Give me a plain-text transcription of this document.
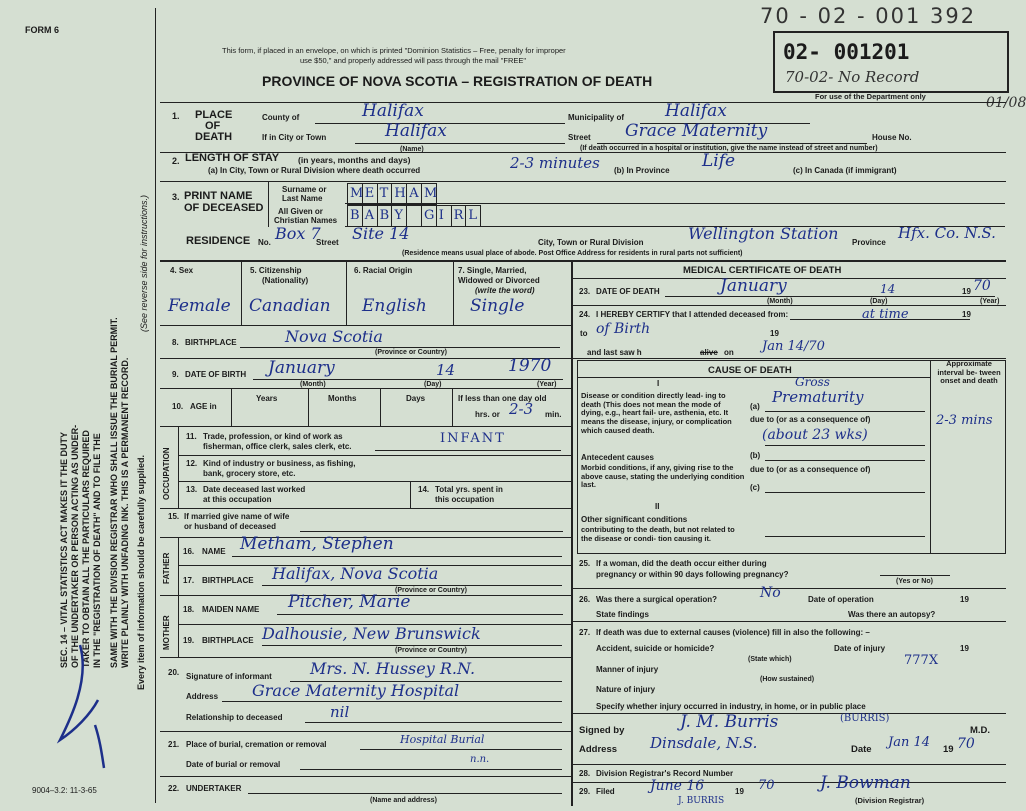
FORM 6
70 - 02 - 001 392
This form, if placed in an envelope, on which is printed "Dominion Statistics – Free, penalty for improper
use $50," and properly addressed will pass through the mail "FREE"
PROVINCE OF NOVA SCOTIA – REGISTRATION OF DEATH
02- 001201
70-02- No Record
For use of the Department only	01/08
SEC. 14 – VITAL STATISTICS ACT MAKES IT THE DUTY OF THE UNDERTAKER OR PERSON ACTING AS UNDER- TAKER TO OBTAIN ALL THE PARTICULARS REQUIRED IN THE "REGISTRATION OF DEATH" AND TO FILE THE SAME WITH THE DIVISION REGISTRAR WHO SHALL ISSUE THE BURIAL PERMIT. WRITE PLAINLY WITH UNFADING INK. THIS IS A PERMANENT RECORD. Every item of information should be carefully supplied.
(See reverse side for instructions.)
9004–3.2: 11-3-65
1. PLACE
OF
DEATH
County of	Halifax	Municipality of Halifax
If in City or Town	Halifax
(Name)
Street Grace Maternity	House No.
(If death occurred in a hospital or institution, give the name instead of street and number)
2. LENGTH OF STAY (in years, months and days)
(a) In City, Town or Rural Division where death occurred	2-3 minutes (b) In Province Life	(c) In Canada (if immigrant)
3. PRINT NAME
OF DECEASED
Surname or
Last Name
All Given or
Christian Names
M E T H A M
B A B Y G I R L
RESIDENCE No. Box 7
Street Site 14	City, Town or Rural Division	Wellington Station Province
Hfx. Co. N.S.
(Residence means usual place of abode. Post Office Address for residents in rural parts not sufficient)
4. Sex
Female
5. Citizenship
(Nationality)
Canadian
6. Racial Origin
English
7. Single, Married,
Widowed or Divorced
(write the word)
Single
8. BIRTHPLACE	Nova Scotia
(Province or Country)
9. DATE OF BIRTH January	14	1970
(Month)	(Day)	(Year)
10. AGE in
Years	Months	Days	If less than one day old
hrs. or 2-3 min.
OCCUPATION
11. Trade, profession, or kind of work as
fisherman, office clerk, sales clerk, etc.
INFANT
12. Kind of industry or business, as fishing,
bank, grocery store, etc.
13. Date deceased last worked
at this occupation
14. Total yrs. spent in
this occupation
15. If married give name of wife
or husband of deceased
FATHER
16. NAME Metham, Stephen
17. BIRTHPLACE Halifax, Nova Scotia
(Province or Country)
MOTHER
18. MAIDEN NAME Pitcher, Marie
19. BIRTHPLACE Dalhousie, New Brunswick
(Province or Country)
20. Signature of informant Mrs. N. Hussey R.N.
Address Grace Maternity Hospital
Relationship to deceased	nil
21. Place of burial, cremation or removal	Hospital Burial
Date of burial or removal	n.n.
22. UNDERTAKER
(Name and address)
MEDICAL CERTIFICATE OF DEATH
23. DATE OF DEATH	January	14	19 70
(Month)	(Day)	(Year)
24. I HEREBY CERTIFY that I attended deceased from:	at time	19
to of Birth	19
and last saw h	alive on Jan 14/70
CAUSE OF DEATH
Approximate interval be- tween onset and death
I
Disease or condition directly lead- ing to death (This does not mean the mode of dying, e.g., heart fail- ure, asthenia, etc. It means the disease, injury, or complication which caused death.
(a)
Gross
Prematurity
due to (or as a consequence of)
(about 23 wks)
2-3 mins
Antecedent causes
Morbid conditions, if any, giving rise to the above cause, stating the underlying condition last.
(b)
due to (or as a consequence of)
(c)
II
Other significant conditions
contributing to the death, but not related to the disease or condi- tion causing it.
25. If a woman, did the death occur either during
pregnancy or within 90 days following pregnancy?
(Yes or No)
26. Was there a surgical operation?	No	Date of operation	19
State findings	Was there an autopsy?
27. If death was due to external causes (violence) fill in also the following: –
Accident, suicide or homicide?
(State which)
Date of injury	19
777X
Manner of injury
(How sustained)
Nature of injury
Specify whether injury occurred in industry, in home, or in public place
Signed by	J. M. Burris	(BURRIS)
M.D.
Address Dinsdale, N.S.	Date Jan 14 19 70
28. Division Registrar's Record Number
29. Filed	June 16	19 70
J. BURRIS
J. Bowman
(Division Registrar)
